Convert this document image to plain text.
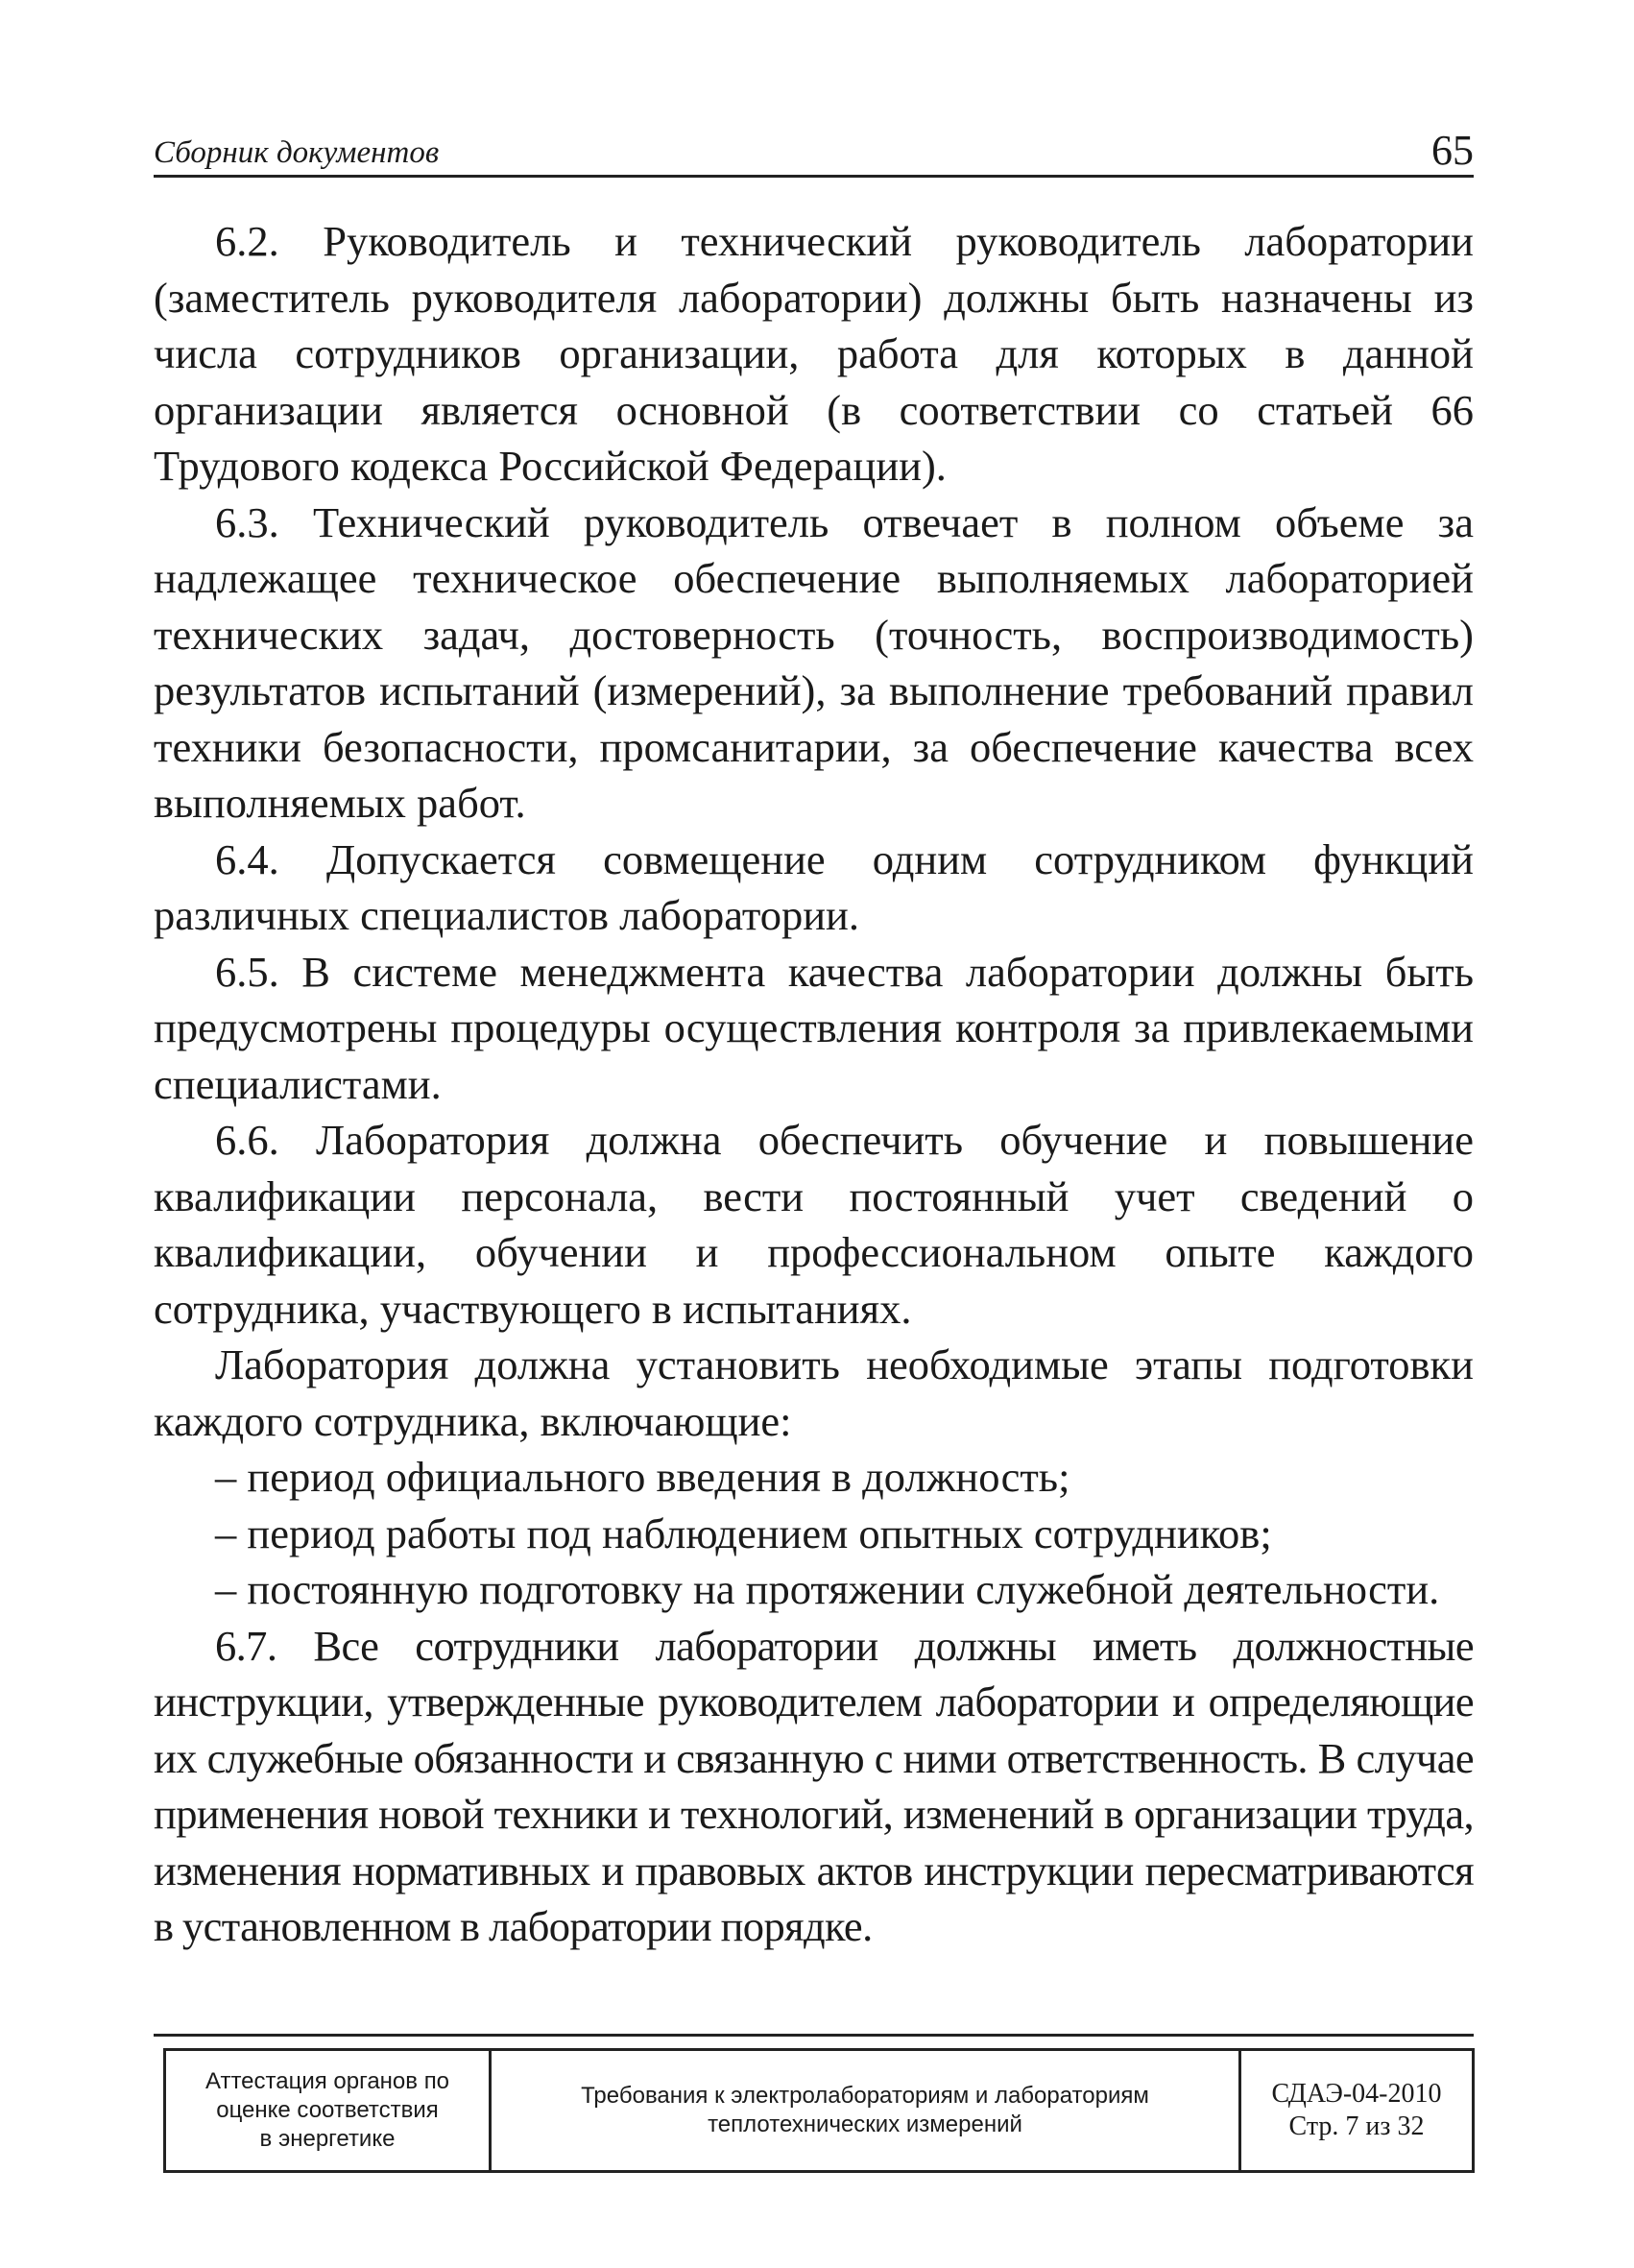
Сборник документов	65

6.2. Руководитель и технический руководитель лаборатории (заместитель руководителя лаборатории) должны быть назначены из числа сотрудников организации, работа для которых в данной организации является основной (в соответствии со статьей 66 Трудового кодекса Российской Федерации).

6.3. Технический руководитель отвечает в полном объеме за надлежащее техническое обеспечение выполняемых лабораторией технических задач, достоверность (точность, воспроизводимость) результатов испытаний (измерений), за выполнение требований правил техники безопасности, промсанитарии, за обеспечение качества всех выполняемых работ.

6.4. Допускается совмещение одним сотрудником функций различных специалистов лаборатории.

6.5. В системе менеджмента качества лаборатории должны быть предусмотрены процедуры осуществления контроля за привлекаемыми специалистами.

6.6. Лаборатория должна обеспечить обучение и повышение квалификации персонала, вести постоянный учет сведений о квалификации, обучении и профессиональном опыте каждого сотрудника, участвующего в испытаниях.

Лаборатория должна установить необходимые этапы подготовки каждого сотрудника, включающие:

– период официального введения в должность;

– период работы под наблюдением опытных сотрудников;

– постоянную подготовку на протяжении служебной деятельности.

6.7. Все сотрудники лаборатории должны иметь должностные инструкции, утвержденные руководителем лаборатории и определяющие их служебные обязанности и связанную с ними ответственность. В случае применения новой техники и технологий, изменений в организации труда, изменения нормативных и правовых актов инструкции пересматриваются в установленном в лаборатории порядке.

Аттестация органов по
оценке соответствия
в энергетике
Требования к электролабораториям и лабораториям
теплотехнических измерений
СДАЭ-04-2010
Стр. 7 из 32
